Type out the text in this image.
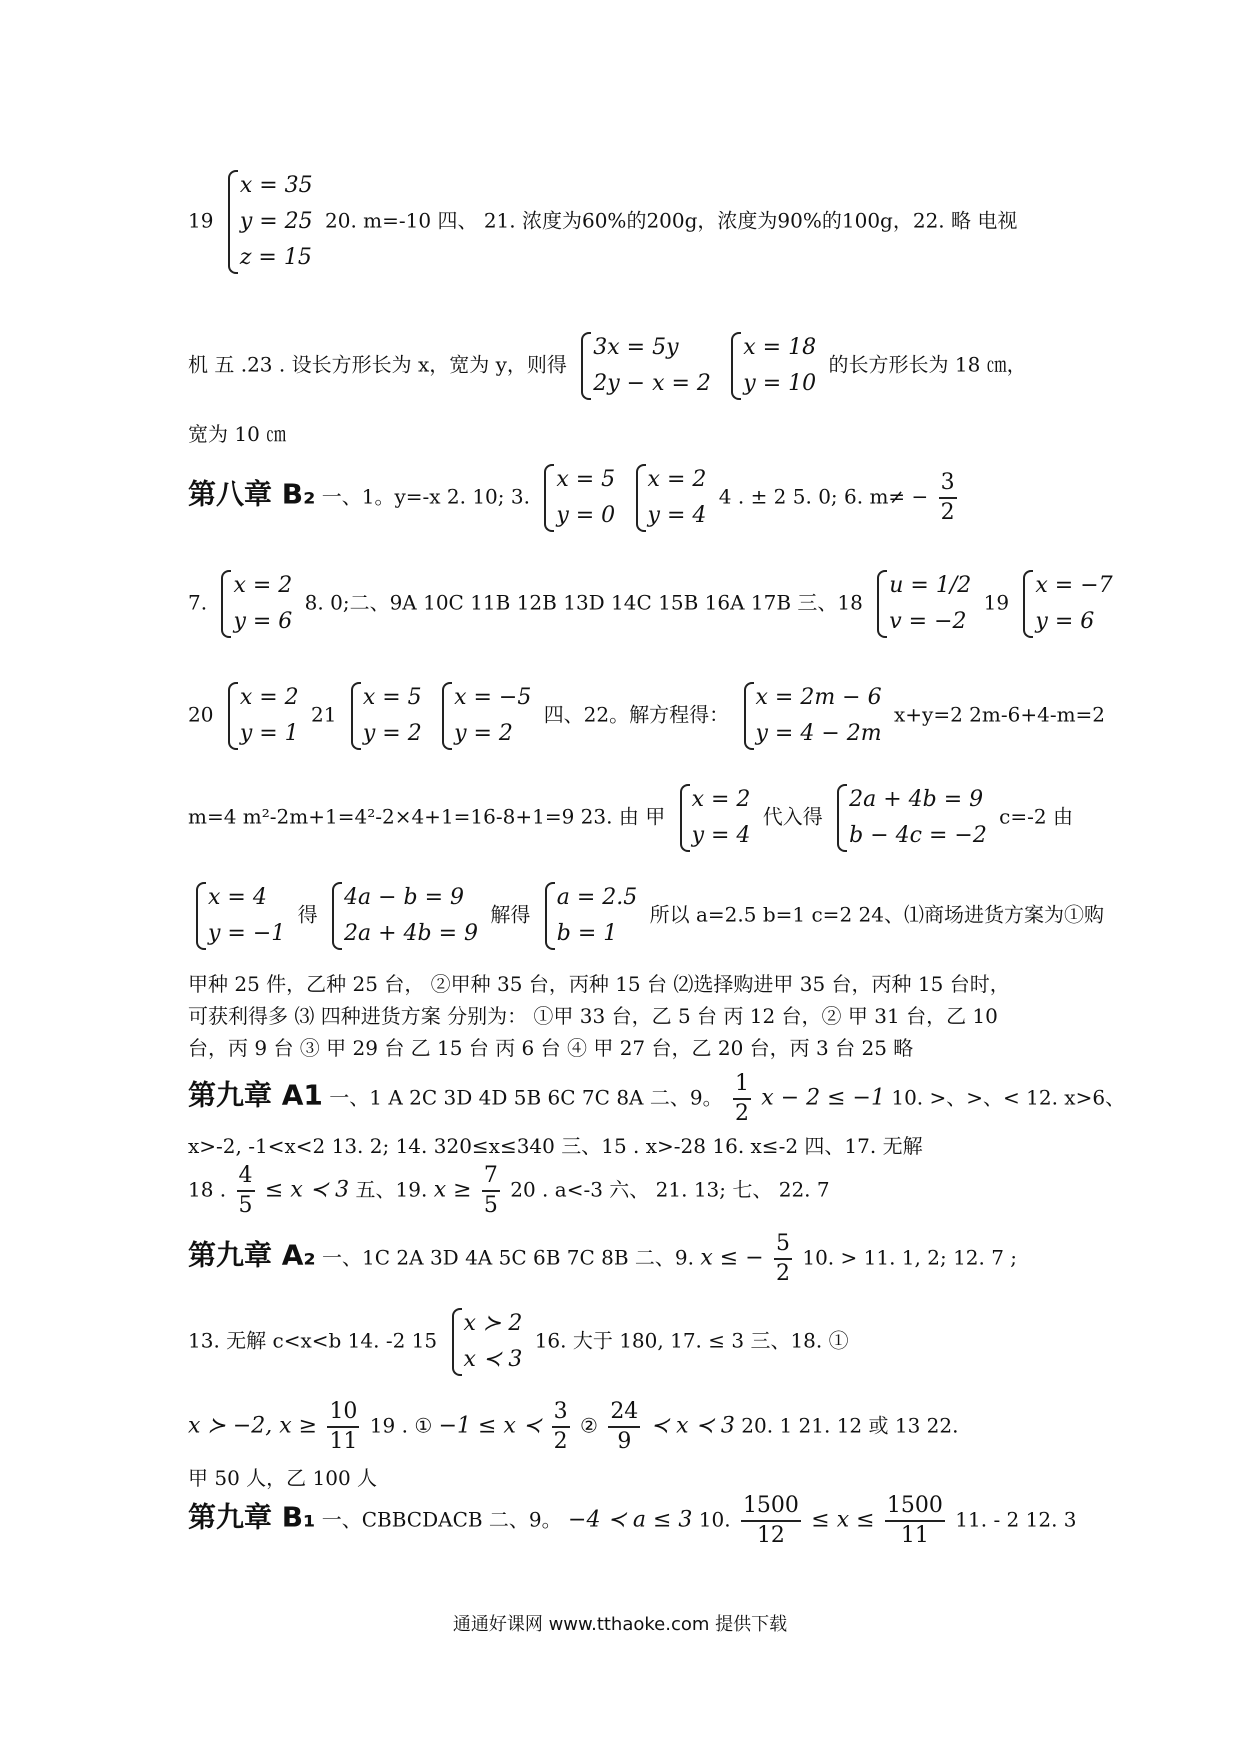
19
x = 35
y = 25
z = 15
20. m=-10 四、 21. 浓度为60%的200g，浓度为90%的100g，22. 略 电视
机 五 .23 . 设长方形长为 x，宽为 y，则得
3x = 5y
2y − x = 2

x = 18
y = 10
的长方形长为 18 ㎝，
宽为 10 ㎝
第八章 B₂ 一、1。y=-x 2. 10; 3.
x = 5
y = 0

x = 2
y = 4
4 . ± 2 5. 0; 6. $m\ne - \frac{3}{2}$
7.
x = 2
y = 6
8. 0;二、9A 10C 11B 12B 13D 14C 15B 16A 17B 三、18
u = 1/2
v = −2
19
x = −7
y = 6
20
x = 2
y = 1
21
x = 5
y = 2

x = −5
y = 2
四、22。解方程得：
x = 2m − 6
y = 4 − 2m
x+y=2 2m-6+4-m=2
m=4 m²-2m+1=4²-2×4+1=16-8+1=9 23. 由 甲
x = 2
y = 4
代入得
2a + 4b = 9
b − 4c = −2
c=-2 由
x = 4
y = −1
得
4a − b = 9
2a + 4b = 9
解得
a = 2.5
b = 1
所以 a=2.5 b=1 c=2 24、⑴商场进货方案为①购
甲种 25 件，乙种 25 台， ②甲种 35 台，丙种 15 台 ⑵选择购进甲 35 台，丙种 15 台时，
可获利得多 ⑶ 四种进货方案 分别为： ①甲 33 台，乙 5 台 丙 12 台，② 甲 31 台，乙 10
台，丙 9 台 ③ 甲 29 台 乙 15 台 丙 6 台 ④ 甲 27 台，乙 20 台，丙 3 台 25 略
第九章 A1 一、1 A 2C 3D 4D 5B 6C 7C 8A 二、9。 $\frac{1}{2}$ x − 2 ≤ −1 10. >、>、< 12. x>6、
x>-2, -1<x<2 13. 2; 14. 320≤x≤340 三、15 . x>-28 16. x≤-2 四、17. 无解
18 . $\frac{4}{5} \le x$ ≺ 3 五、19. $x \ge \frac{7}{5} 20$ . a<-3 六、 21. 13; 七、 22. 7
第九章 A₂ 一、1C 2A 3D 4A 5C 6B 7C 8B 二、9. x ≤ − $\frac{5}{2} 10$. > 11. 1, 2; 12. 7 ;
13. 无解 c<x<b 14. -2 15
x ≻ 2
x ≺ 3
16. 大于 180, 17. ≤ 3 三、18. ①
x ≻ −2, $x \ge \frac{10}{11} 19$ . ① −1 ≤ x ≺ $\frac{3}{2}$ ② $\frac{24}{9}$ ≺ x ≺ 3 20. 1 21. 12 或 13 22.
甲 50 人，乙 100 人
第九章 B₁ 一、CBBCDACB 二、9。 −4 ≺ a ≤ 3 10. $\frac{1500}{12} \le x \le \frac{1500}{11} 11$. - 2 12. 3
通通好课网 www.tthaoke.com 提供下载
